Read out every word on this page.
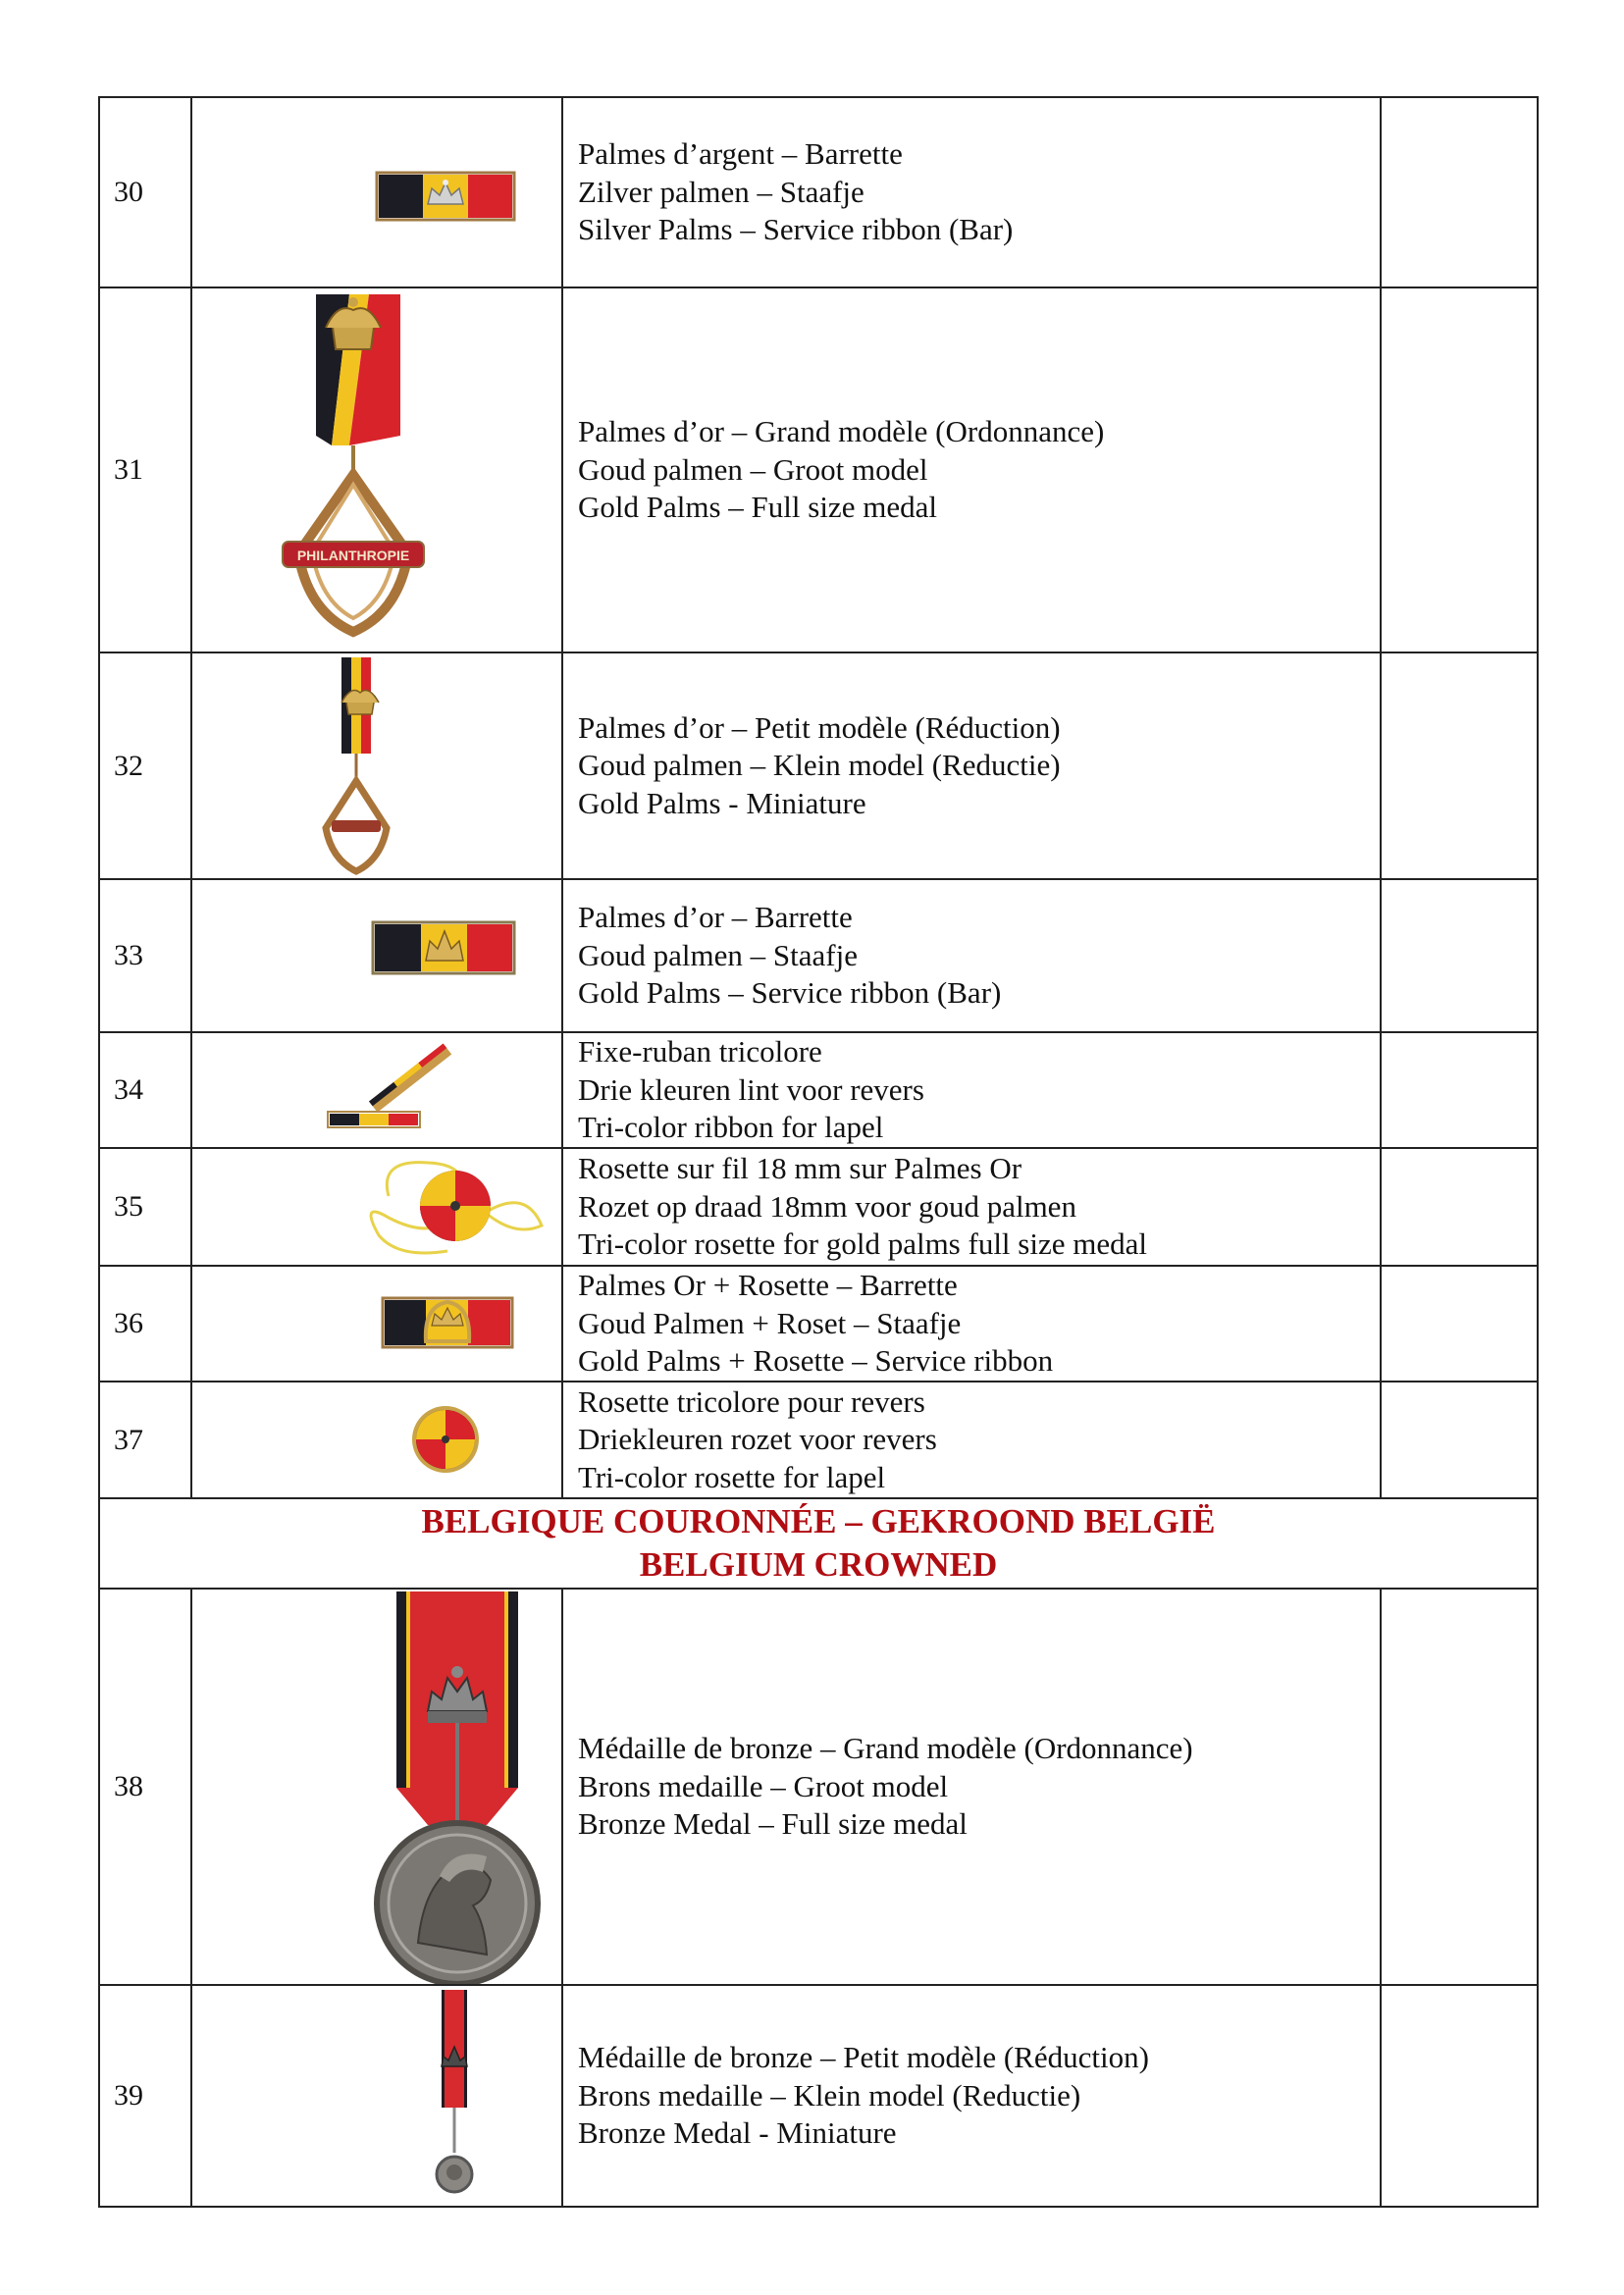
30		Palmes d’argent – Barrette
Zilver palmen – Staafje
Silver Palms – Service ribbon (Bar)	

31	PHILANTHROPIE	Palmes d’or – Grand modèle (Ordonnance)
Goud palmen – Groot model
Gold Palms – Full size medal	

32		Palmes d’or – Petit modèle (Réduction)
Goud palmen – Klein model (Reductie)
Gold Palms - Miniature	

33		Palmes d’or – Barrette
Goud palmen – Staafje
Gold Palms – Service ribbon (Bar)	

34		Fixe-ruban tricolore
Drie kleuren lint voor revers
Tri-color ribbon for lapel	

35		Rosette sur fil 18 mm sur Palmes Or
Rozet op draad 18mm voor goud palmen
Tri-color rosette for gold palms full size medal	

36		Palmes Or + Rosette – Barrette
Goud Palmen + Roset – Staafje
Gold Palms + Rosette – Service ribbon	

37		Rosette tricolore pour revers
Driekleuren rozet voor revers
Tri-color rosette for lapel	

BELGIQUE COURONNÉE – GEKROOND BELGIË
BELGIUM CROWNED			

38		Médaille de bronze – Grand modèle (Ordonnance)
Brons medaille – Groot model
Bronze Medal – Full size medal	

39		Médaille de bronze – Petit modèle (Réduction)
Brons medaille – Klein model (Reductie)
Bronze Medal - Miniature	
